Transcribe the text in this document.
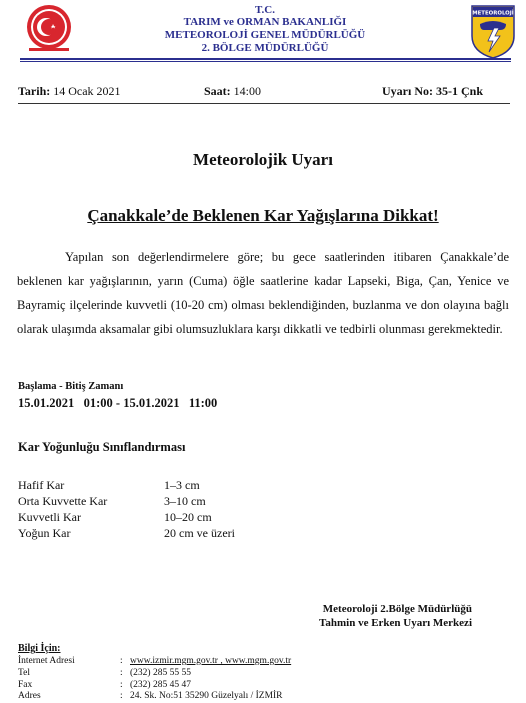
T.C.
TARIM ve ORMAN BAKANLIĞI
METEOROLOJİ GENEL MÜDÜRLÜĞÜ
2. BÖLGE MÜDÜRLÜĞÜ
METEOROLOJİ
Tarih: 14 Ocak 2021	Saat: 14:00	Uyarı No: 35-1 Çnk
Meteorolojik Uyarı
Çanakkale’de Beklenen Kar Yağışlarına Dikkat!
Yapılan son değerlendirmelere göre; bu gece saatlerinden itibaren Çanakkale’de beklenen kar yağışlarının, yarın (Cuma) öğle saatlerine kadar Lapseki, Biga, Çan, Yenice ve Bayramiç ilçelerinde kuvvetli (10-20 cm) olması beklendiğinden, buzlanma ve don olayına bağlı olarak ulaşımda aksamalar gibi olumsuzluklara karşı dikkatli ve tedbirli olunması gerekmektedir.
Başlama - Bitiş Zamanı
15.01.2021   01:00 - 15.01.2021   11:00
Kar Yoğunluğu Sınıflandırması
Hafif Kar	1–3 cm
Orta Kuvvette Kar	3–10 cm
Kuvvetli Kar	10–20 cm
Yoğun Kar	20 cm ve üzeri
Meteoroloji 2.Bölge Müdürlüğü
Tahmin ve Erken Uyarı Merkezi
Bilgi İçin:
İnternet Adresi	: www.izmir.mgm.gov.tr , www.mgm.gov.tr
Tel	: (232) 285 55 55
Fax	: (232) 285 45 47
Adres	: 24. Sk. No:51 35290 Güzelyalı / İZMİR
